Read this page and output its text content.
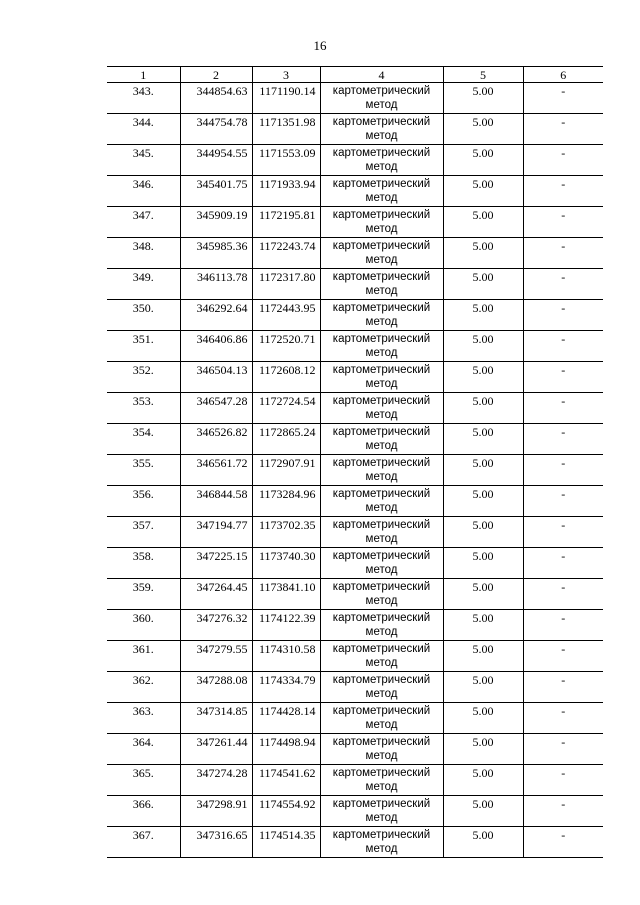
16
1	2	3	4	5	6
343.	344854.63	1171190.14	картометрический метод	5.00	-
344.	344754.78	1171351.98	картометрический метод	5.00	-
345.	344954.55	1171553.09	картометрический метод	5.00	-
346.	345401.75	1171933.94	картометрический метод	5.00	-
347.	345909.19	1172195.81	картометрический метод	5.00	-
348.	345985.36	1172243.74	картометрический метод	5.00	-
349.	346113.78	1172317.80	картометрический метод	5.00	-
350.	346292.64	1172443.95	картометрический метод	5.00	-
351.	346406.86	1172520.71	картометрический метод	5.00	-
352.	346504.13	1172608.12	картометрический метод	5.00	-
353.	346547.28	1172724.54	картометрический метод	5.00	-
354.	346526.82	1172865.24	картометрический метод	5.00	-
355.	346561.72	1172907.91	картометрический метод	5.00	-
356.	346844.58	1173284.96	картометрический метод	5.00	-
357.	347194.77	1173702.35	картометрический метод	5.00	-
358.	347225.15	1173740.30	картометрический метод	5.00	-
359.	347264.45	1173841.10	картометрический метод	5.00	-
360.	347276.32	1174122.39	картометрический метод	5.00	-
361.	347279.55	1174310.58	картометрический метод	5.00	-
362.	347288.08	1174334.79	картометрический метод	5.00	-
363.	347314.85	1174428.14	картометрический метод	5.00	-
364.	347261.44	1174498.94	картометрический метод	5.00	-
365.	347274.28	1174541.62	картометрический метод	5.00	-
366.	347298.91	1174554.92	картометрический метод	5.00	-
367.	347316.65	1174514.35	картометрический метод	5.00	-
